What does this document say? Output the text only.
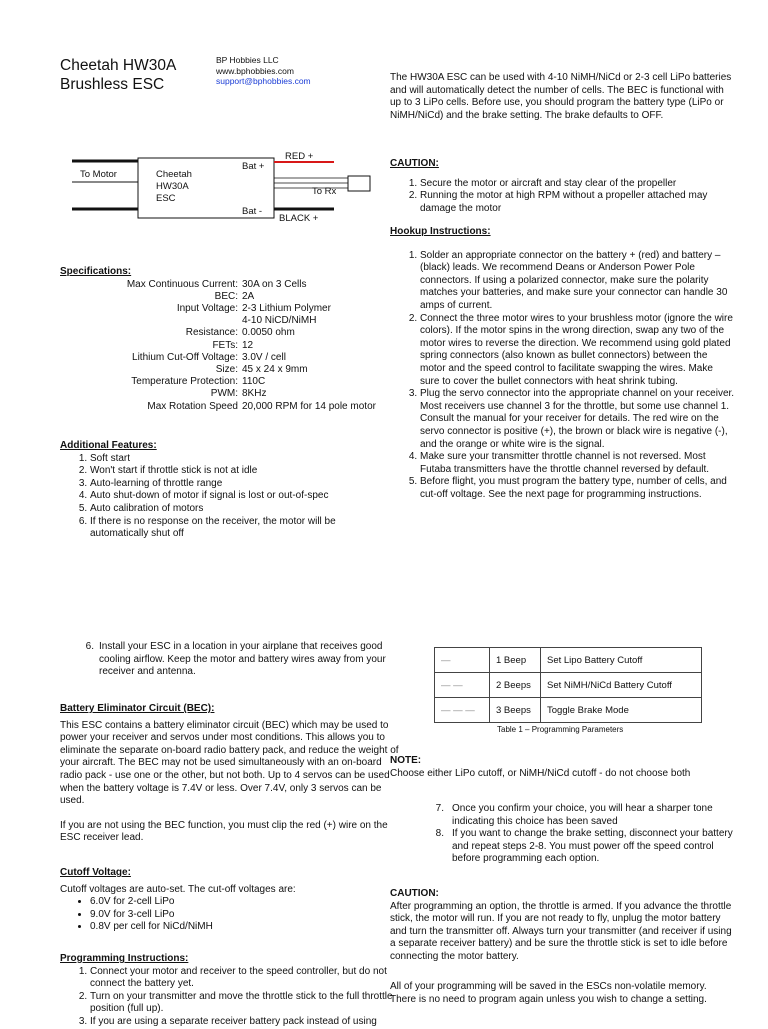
Cheetah HW30A
Brushless ESC
BP Hobbies LLC
www.bphobbies.com
support@bphobbies.com	The HW30A ESC can be used with 4-10 NiMH/NiCd or 2-3 cell LiPo batteries and will automatically detect the number of cells. The BEC is functional with up to 3 LiPo cells. Before use, you should program the battery type (LiPo or NiMH/NiCd) and the brake setting. The brake defaults to OFF.

To Motor	Cheetah
HW30A
ESC
Bat +
Bat -
RED +
To Rx
BLACK +
Specifications:
Max Continuous Current:	30A on 3 Cells
BEC:	2A
Input Voltage:	2-3 Lithium Polymer
	4-10 NiCD/NiMH
Resistance:	0.0050 ohm
FETs:	12
Lithium Cut-Off Voltage:	3.0V / cell
Size:	45 x 24 x 9mm
Temperature Protection:	110C
PWM:	8KHz
Max Rotation Speed	20,000 RPM for 14 pole motor
Additional Features:
1. Soft start
2. Won't start if throttle stick is not at idle
3. Auto-learning of throttle range
4. Auto shut-down of motor if signal is lost or out-of-spec
5. Auto calibration of motors
6. If there is no response on the receiver, the motor will be automatically shut off
CAUTION:
1. Secure the motor or aircraft and stay clear of the propeller
2. Running the motor at high RPM without a propeller attached may damage the motor
Hookup Instructions:
1. Solder an appropriate connector on the battery + (red) and battery – (black) leads. We recommend Deans or Anderson Power Pole connectors. If using a polarized connector, make sure the polarity matches your batteries, and make sure your connector can handle 30 amps of current.
2. Connect the three motor wires to your brushless motor (ignore the wire colors). If the motor spins in the wrong direction, swap any two of the motor wires to reverse the direction. We recommend using gold plated spring connectors (also known as bullet connectors) between the motor and the speed control to facilitate swapping the wires. Make sure to cover the bullet connectors with heat shrink tubing.
3. Plug the servo connector into the appropriate channel on your receiver. Most receivers use channel 3 for the throttle, but some use channel 1. Consult the manual for your receiver for details. The red wire on the servo connector is positive (+), the brown or black wire is negative (-), and the orange or white wire is the signal.
4. Make sure your transmitter throttle channel is not reversed. Most Futaba transmitters have the throttle channel reversed by default.
5. Before flight, you must program the battery type, number of cells, and cut-off voltage. See the next page for programming instructions.
6. Install your ESC in a location in your airplane that receives good cooling airflow. Keep the motor and battery wires away from your receiver and antenna.
Battery Eliminator Circuit (BEC):

This ESC contains a battery eliminator circuit (BEC) which may be used to power your receiver and servos under most conditions. This allows you to eliminate the separate on-board radio battery pack, and reduce the weight of your aircraft. The BEC may not be used simultaneously with an on-board radio pack - use one or the other, but not both. Up to 4 servos can be used when the battery voltage is 7.4V or less. Over 7.4V, only 3 servos can be used.

If you are not using the BEC function, you must clip the red (+) wire on the ESC receiver lead.

Cutoff Voltage:

Cutoff voltages are auto-set. The cut-off voltages are:

• 6.0V for 2-cell LiPo
• 9.0V for 3-cell LiPo
• 0.8V per cell for NiCd/NiMH
Programming Instructions:
1. Connect your motor and receiver to the speed controller, but do not connect the battery yet.
2. Turn on your transmitter and move the throttle stick to the full throttle position (full up).
3. If you are using a separate receiver battery pack instead of using
—	1 Beep	Set Lipo Battery Cutoff
— —	2 Beeps	Set NiMH/NiCd Battery Cutoff
— — —	3 Beeps	Toggle Brake Mode
Table 1 – Programming Parameters
NOTE:

Choose either LiPo cutoff, or NiMH/NiCd cutoff - do not choose both

7. Once you confirm your choice, you will hear a sharper tone indicating this choice has been saved
8. If you want to change the brake setting, disconnect your battery and repeat steps 2-8. You must power off the speed control before programming each option.
CAUTION:

After programming an option, the throttle is armed. If you advance the throttle stick, the motor will run. If you are not ready to fly, unplug the motor battery and turn the transmitter off. Always turn your transmitter (and receiver if using a separate receiver battery) and be sure the throttle stick is set to idle before connecting the motor battery.

All of your programming will be saved in the ESCs non-volatile memory. There is no need to program again unless you wish to change a setting.
